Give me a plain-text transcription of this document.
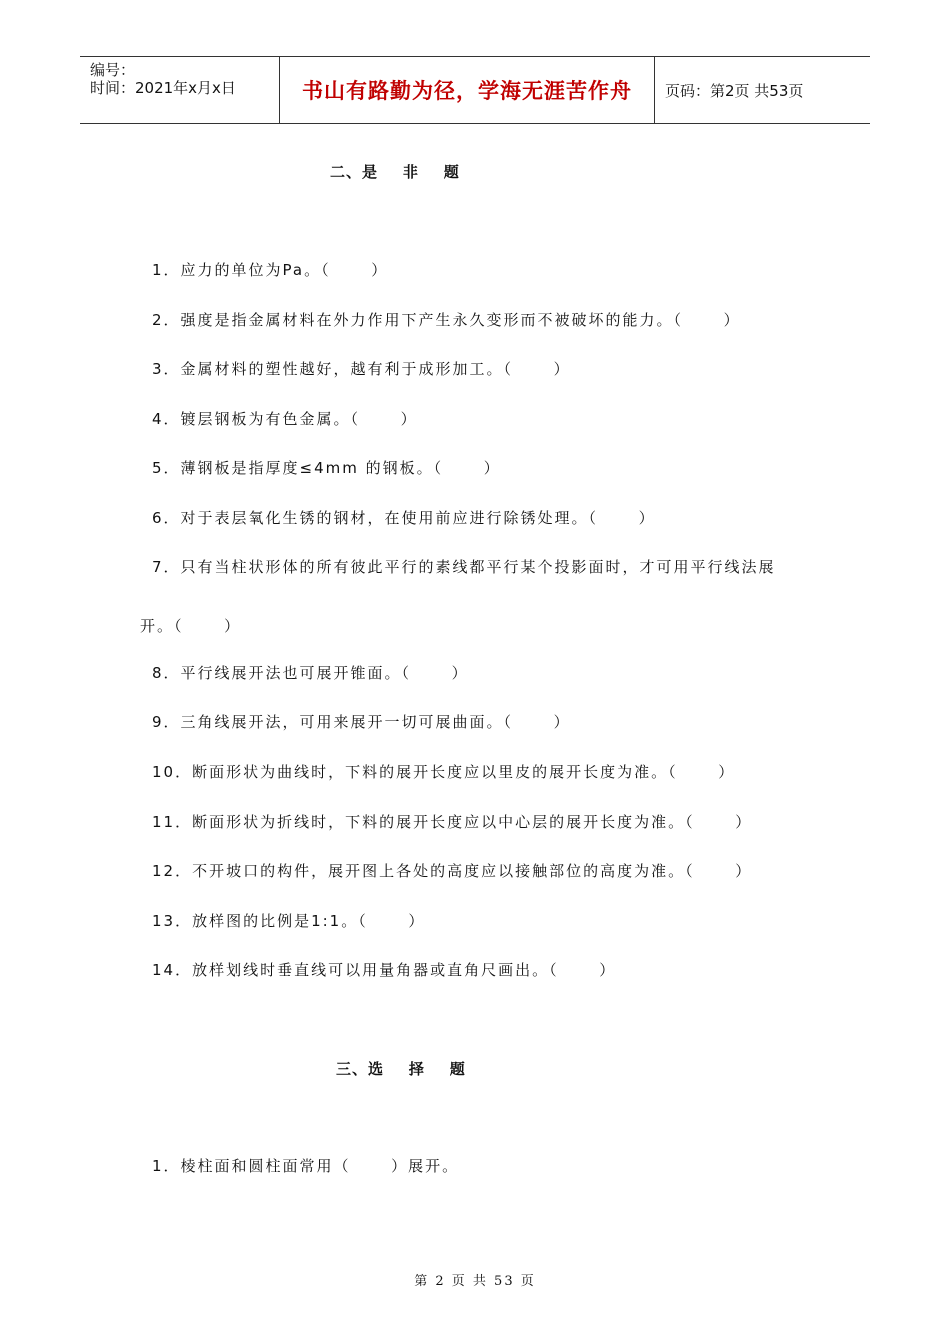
编号：
时间：2021年x月x日	书山有路勤为径，学海无涯苦作舟	页码：第2页 共53页
二、是    非    题
1．应力的单位为Pa。（      ）
2．强度是指金属材料在外力作用下产生永久变形而不被破坏的能力。（      ）
3．金属材料的塑性越好，越有利于成形加工。（      ）
4．镀层钢板为有色金属。（      ）
5．薄钢板是指厚度≤4mm 的钢板。（      ）
6．对于表层氧化生锈的钢材，在使用前应进行除锈处理。（      ）
7．只有当柱状形体的所有彼此平行的素线都平行某个投影面时，才可用平行线法展
开。（      ）
8．平行线展开法也可展开锥面。（      ）
9．三角线展开法，可用来展开一切可展曲面。（      ）
10．断面形状为曲线时，下料的展开长度应以里皮的展开长度为准。（      ）
11．断面形状为折线时，下料的展开长度应以中心层的展开长度为准。（      ）
12．不开坡口的构件，展开图上各处的高度应以接触部位的高度为准。（      ）
13．放样图的比例是1:1。（      ）
14．放样划线时垂直线可以用量角器或直角尺画出。（      ）
三、选    择    题
1．棱柱面和圆柱面常用（      ）展开。
第 2 页 共 53 页
